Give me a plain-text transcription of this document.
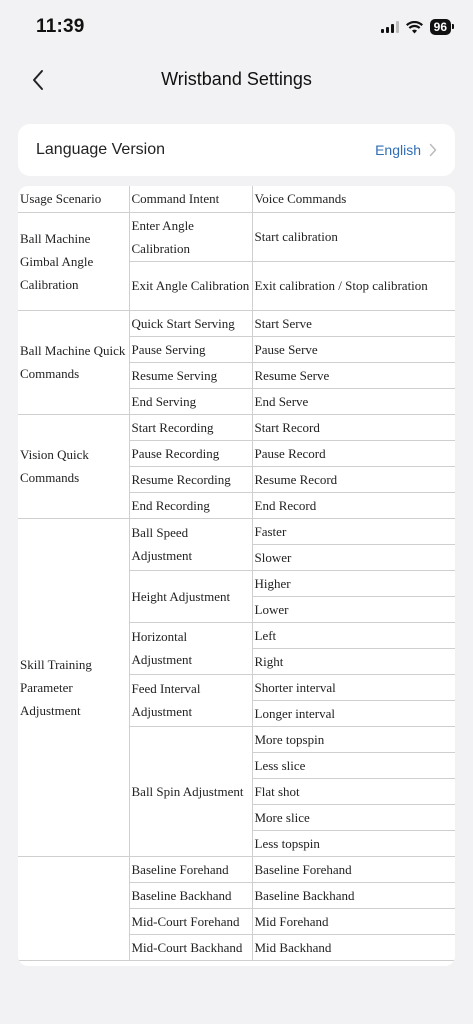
11:39	96
Wristband Settings
Language Version	English
Usage Scenario	Command Intent	Voice Commands
Ball Machine Gimbal Angle Calibration	Enter Angle Calibration	Start calibration
	Exit Angle Calibration	Exit calibration / Stop calibration
Ball Machine Quick Commands	Quick Start Serving	Start Serve
	Pause Serving	Pause Serve
	Resume Serving	Resume Serve
	End Serving	End Serve
Vision Quick Commands	Start Recording	Start Record
	Pause Recording	Pause Record
	Resume Recording	Resume Record
	End Recording	End Record
Skill Training Parameter Adjustment	Ball Speed Adjustment	Faster
		Slower
	Height Adjustment	Higher
		Lower
	Horizontal Adjustment	Left
		Right
	Feed Interval Adjustment	Shorter interval
		Longer interval
	Ball Spin Adjustment	More topspin
		Less slice
		Flat shot
		More slice
		Less topspin
	Baseline Forehand	Baseline Forehand
	Baseline Backhand	Baseline Backhand
	Mid-Court Forehand	Mid Forehand
	Mid-Court Backhand	Mid Backhand
